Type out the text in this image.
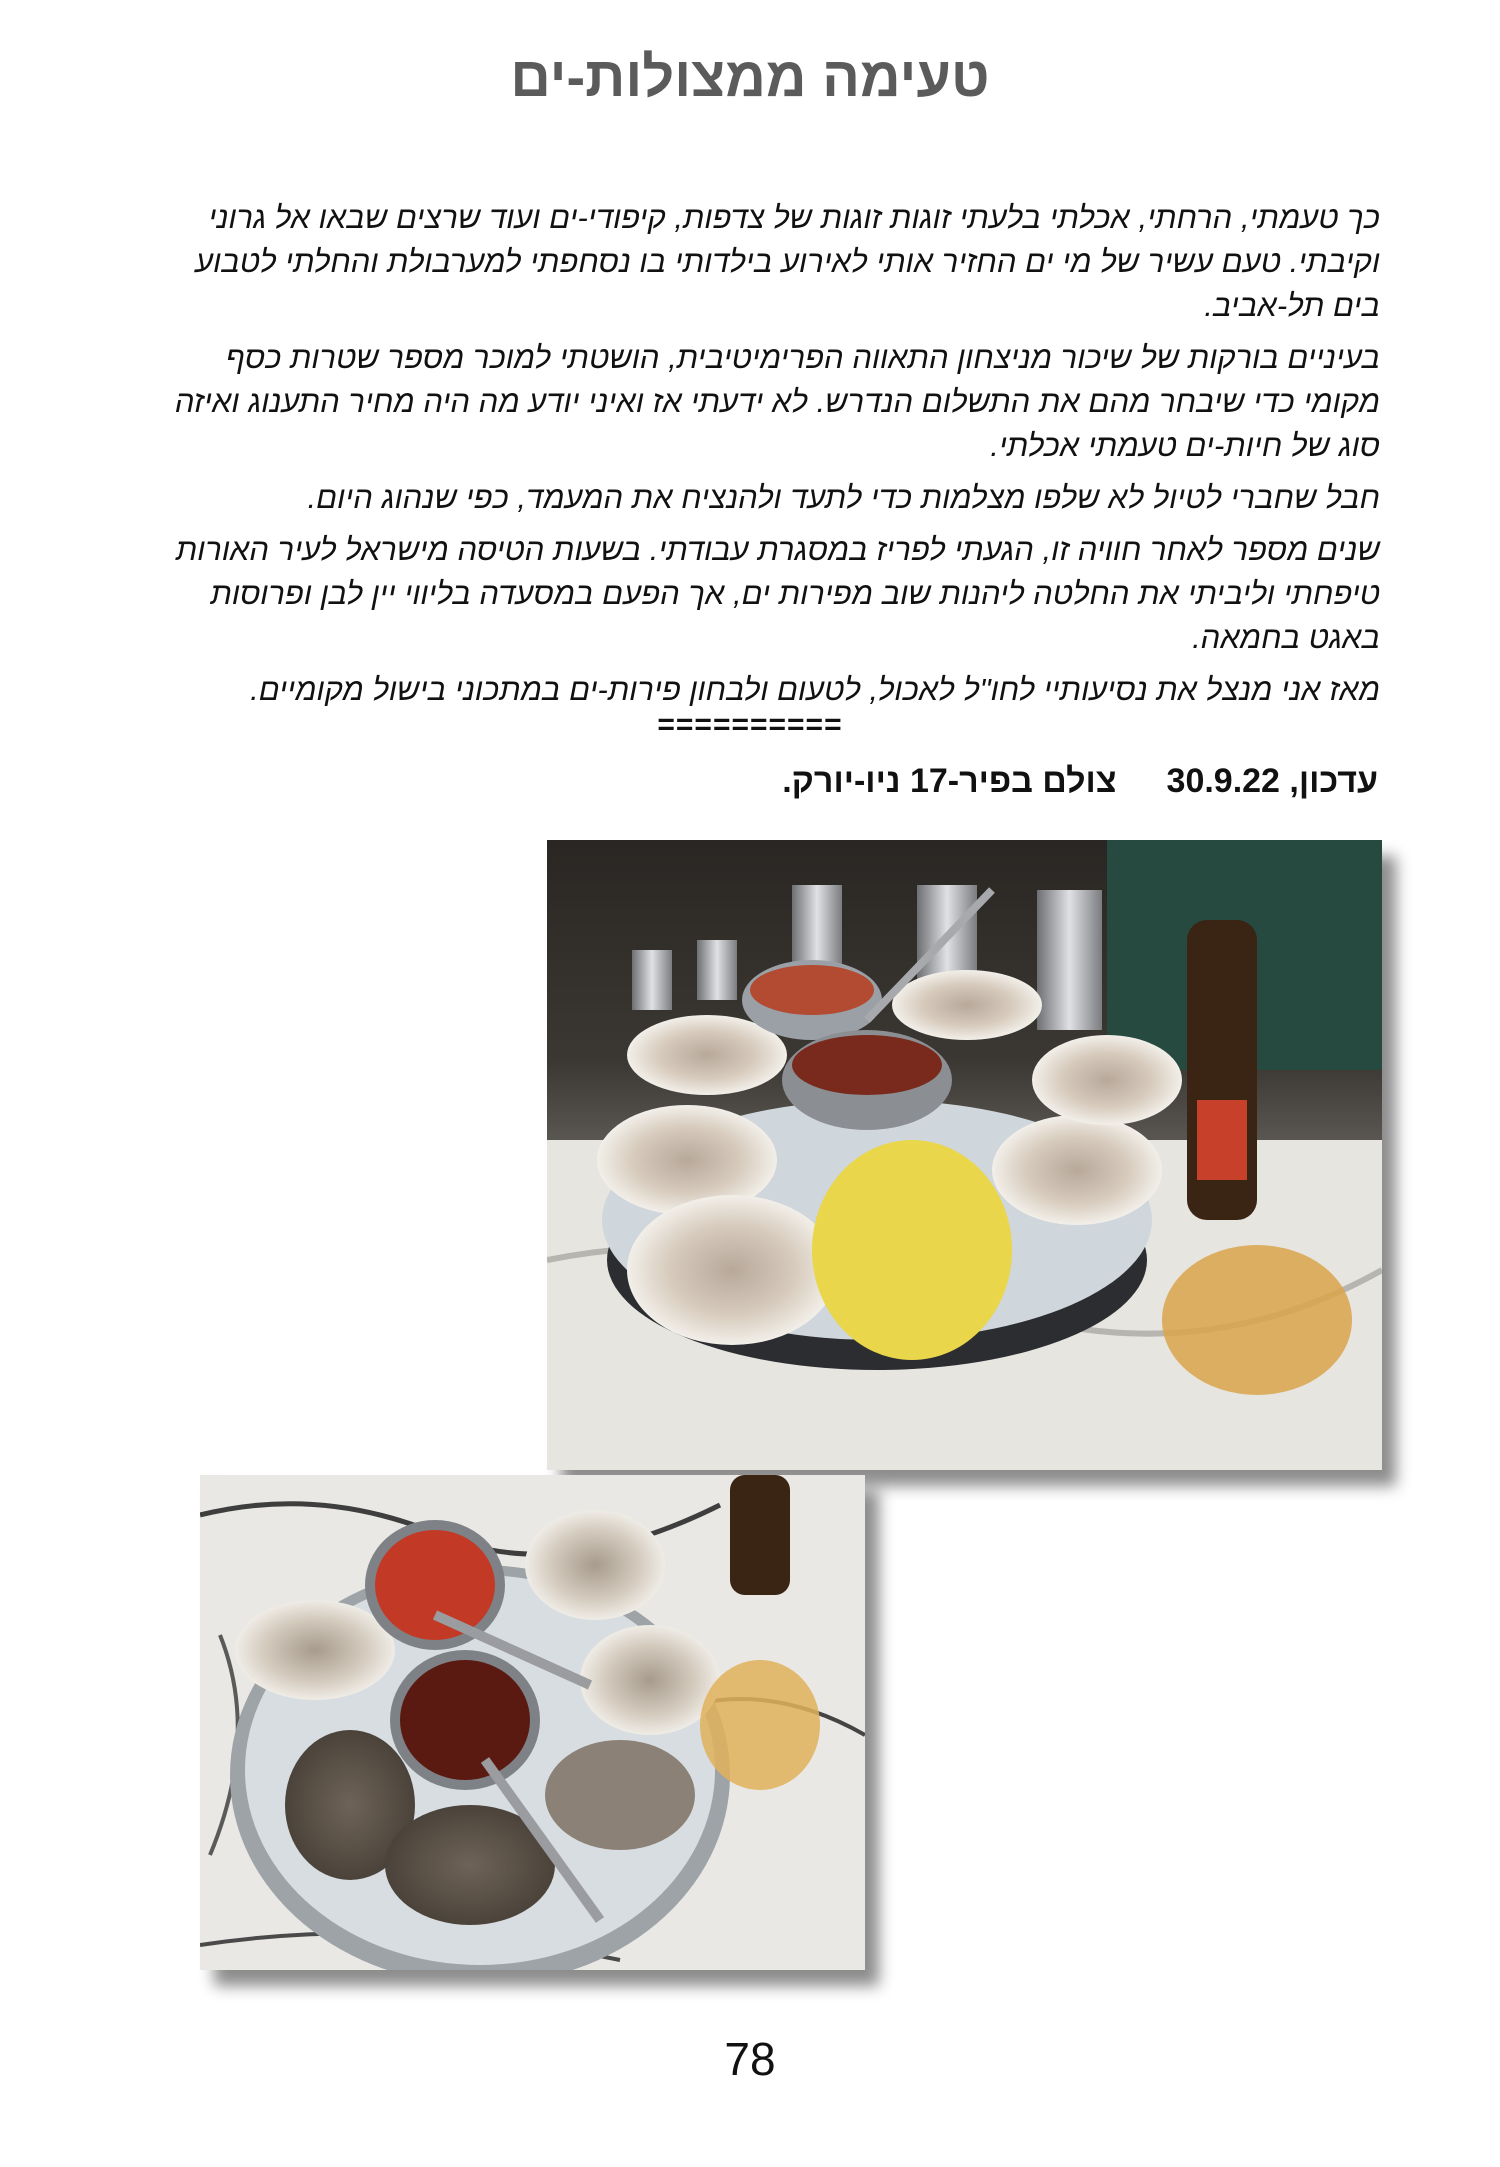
טעימה ממצולות-ים

כך טעמתי, הרחתי, אכלתי בלעתי זוגות זוגות של צדפות, קיפודי-ים ועוד שרצים שבאו אל גרוני וקיבתי. טעם עשיר של מי ים החזיר אותי לאירוע בילדותי בו נסחפתי למערבולת והחלתי לטבוע בים תל-אביב.

בעיניים בורקות של שיכור מניצחון התאווה הפרימיטיבית, הושטתי למוכר מספר שטרות כסף מקומי כדי שיבחר מהם את התשלום הנדרש. לא ידעתי אז ואיני יודע מה היה מחיר התענוג ואיזה סוג של חיות-ים טעמתי אכלתי.

חבל שחברי לטיול לא שלפו מצלמות כדי לתעד ולהנציח את המעמד, כפי שנהוג היום.

שנים מספר לאחר חוויה זו, הגעתי לפריז במסגרת עבודתי. בשעות הטיסה מישראל לעיר האורות טיפחתי וליביתי את החלטה ליהנות שוב מפירות ים, אך הפעם במסעדה בליווי יין לבן ופרוסות באגט בחמאה.

מאז אני מנצל את נסיעותיי לחו"ל לאכול, לטעום ולבחון פירות-ים במתכוני בישול מקומיים.

==========
עדכון, 30.9.22צולם בפיר-17 ניו-יורק.
78
